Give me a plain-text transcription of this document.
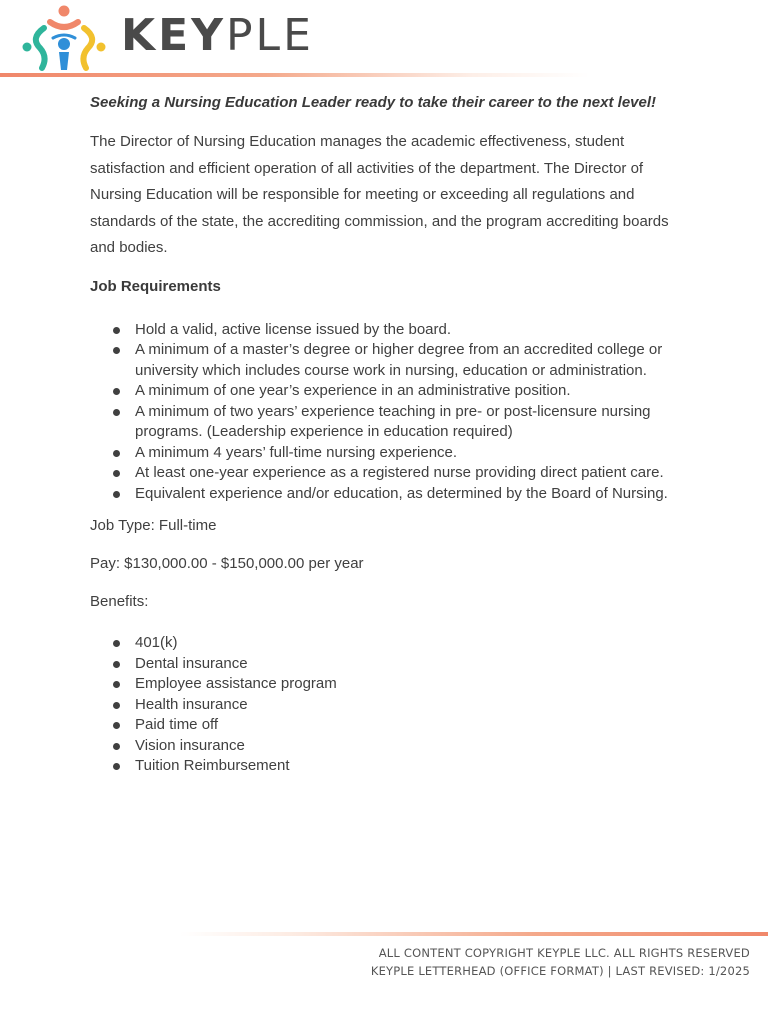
KEYPLE

Seeking a Nursing Education Leader ready to take their career to the next level!

The Director of Nursing Education manages the academic effectiveness, student satisfaction and efficient operation of all activities of the department. The Director of Nursing Education will be responsible for meeting or exceeding all regulations and standards of the state, the accrediting commission, and the program accrediting boards and bodies.

Job Requirements

Hold a valid, active license issued by the board.
A minimum of a master’s degree or higher degree from an accredited college or university which includes course work in nursing, education or administration.
A minimum of one year’s experience in an administrative position.
A minimum of two years’ experience teaching in pre- or post-licensure nursing programs. (Leadership experience in education required)
A minimum 4 years’ full-time nursing experience.
At least one-year experience as a registered nurse providing direct patient care.
Equivalent experience and/or education, as determined by the Board of Nursing.

Job Type: Full-time

Pay: $130,000.00 - $150,000.00 per year

Benefits:

401(k)
Dental insurance
Employee assistance program
Health insurance
Paid time off
Vision insurance
Tuition Reimbursement
ALL CONTENT COPYRIGHT KEYPLE LLC. ALL RIGHTS RESERVED
KEYPLE LETTERHEAD (OFFICE FORMAT) | LAST REVISED: 1/2025
